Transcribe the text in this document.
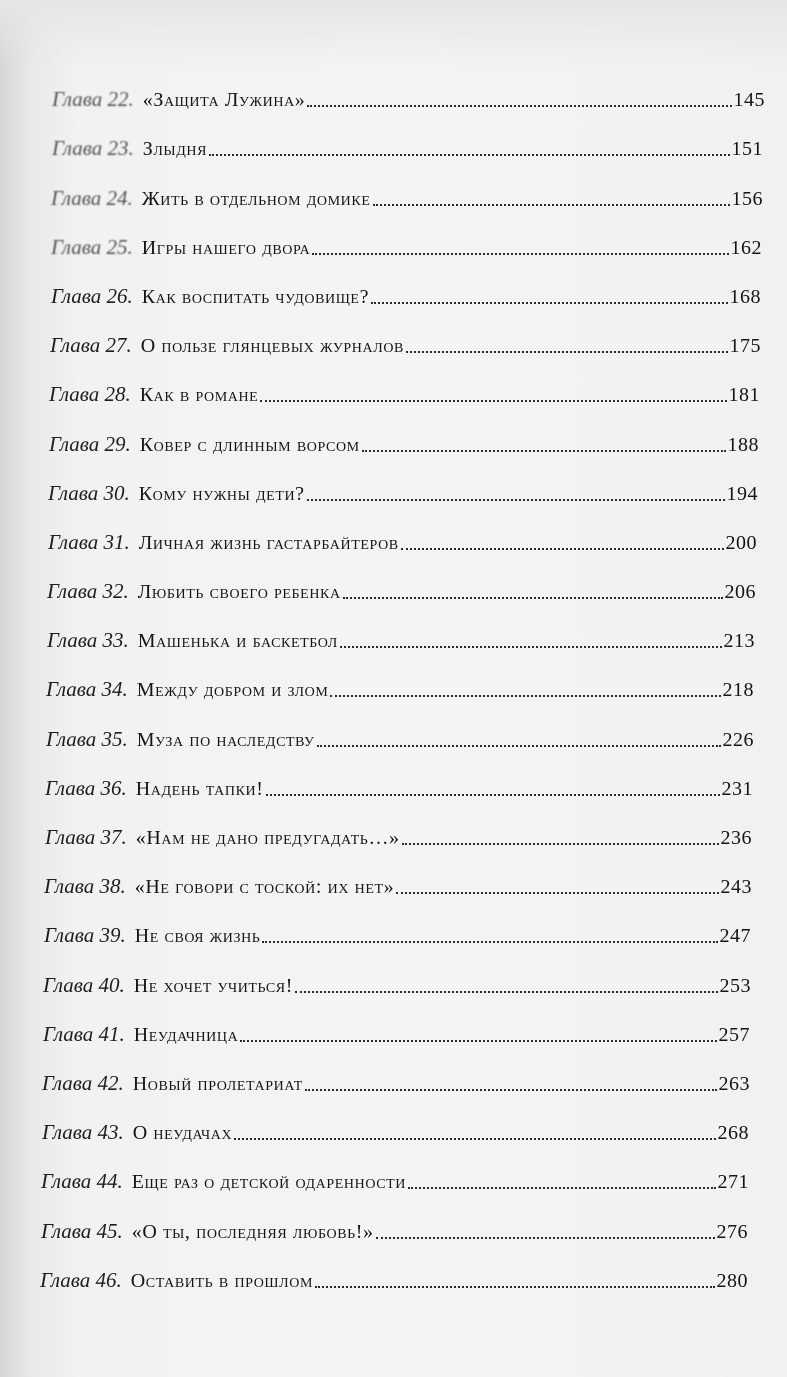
Глава 22. «Защита Лужина»	145
Глава 23. Злыдня	151
Глава 24. Жить в отдельном домике	156
Глава 25. Игры нашего двора	162
Глава 26. Как воспитать чудовище?	168
Глава 27. О пользе глянцевых журналов	175
Глава 28. Как в романе	181
Глава 29. Ковер с длинным ворсом	188
Глава 30. Кому нужны дети?	194
Глава 31. Личная жизнь гастарбайтеров	200
Глава 32. Любить своего ребенка	206
Глава 33. Машенька и баскетбол	213
Глава 34. Между добром и злом	218
Глава 35. Муза по наследству	226
Глава 36. Надень тапки!	231
Глава 37. «Нам не дано предугадать…»	236
Глава 38. «Не говори с тоской: их нет»	243
Глава 39. Не своя жизнь	247
Глава 40. Не хочет учиться!	253
Глава 41. Неудачница	257
Глава 42. Новый пролетариат	263
Глава 43. О неудачах	268
Глава 44. Еще раз о детской одаренности	271
Глава 45. «О ты, последняя любовь!»	276
Глава 46. Оставить в прошлом	280
